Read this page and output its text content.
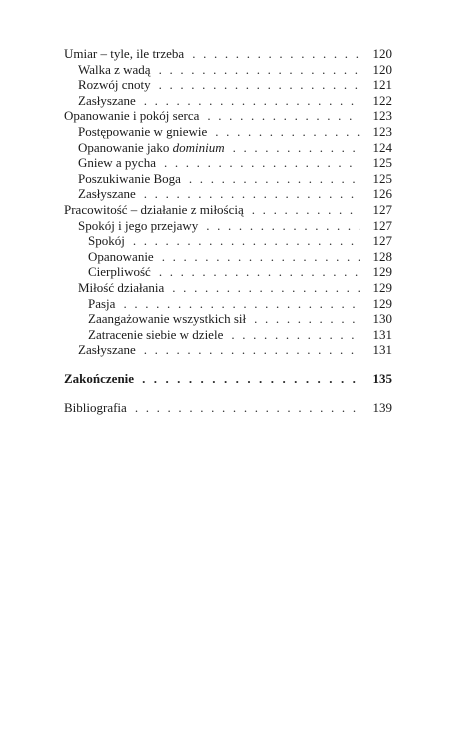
Umiar – tyle, ile trzeba . . .	120
Walka z wadą . . .	120
Rozwój cnoty . . .	121
Zasłyszane . . .	122
Opanowanie i pokój serca . . .	123
Postępowanie w gniewie . . .	123
Opanowanie jako dominium . . .	124
Gniew a pycha . . .	125
Poszukiwanie Boga . . .	125
Zasłyszane . . .	126
Pracowitość – działanie z miłością . . .	127
Spokój i jego przejawy . . .	127
Spokój . . .	127
Opanowanie . . .	128
Cierpliwość . . .	129
Miłość działania . . .	129
Pasja . . .	129
Zaangażowanie wszystkich sił . . .	130
Zatracenie siebie w dziele . . .	131
Zasłyszane . . .	131
Zakończenie . . .	135
Bibliografia . . .	139
